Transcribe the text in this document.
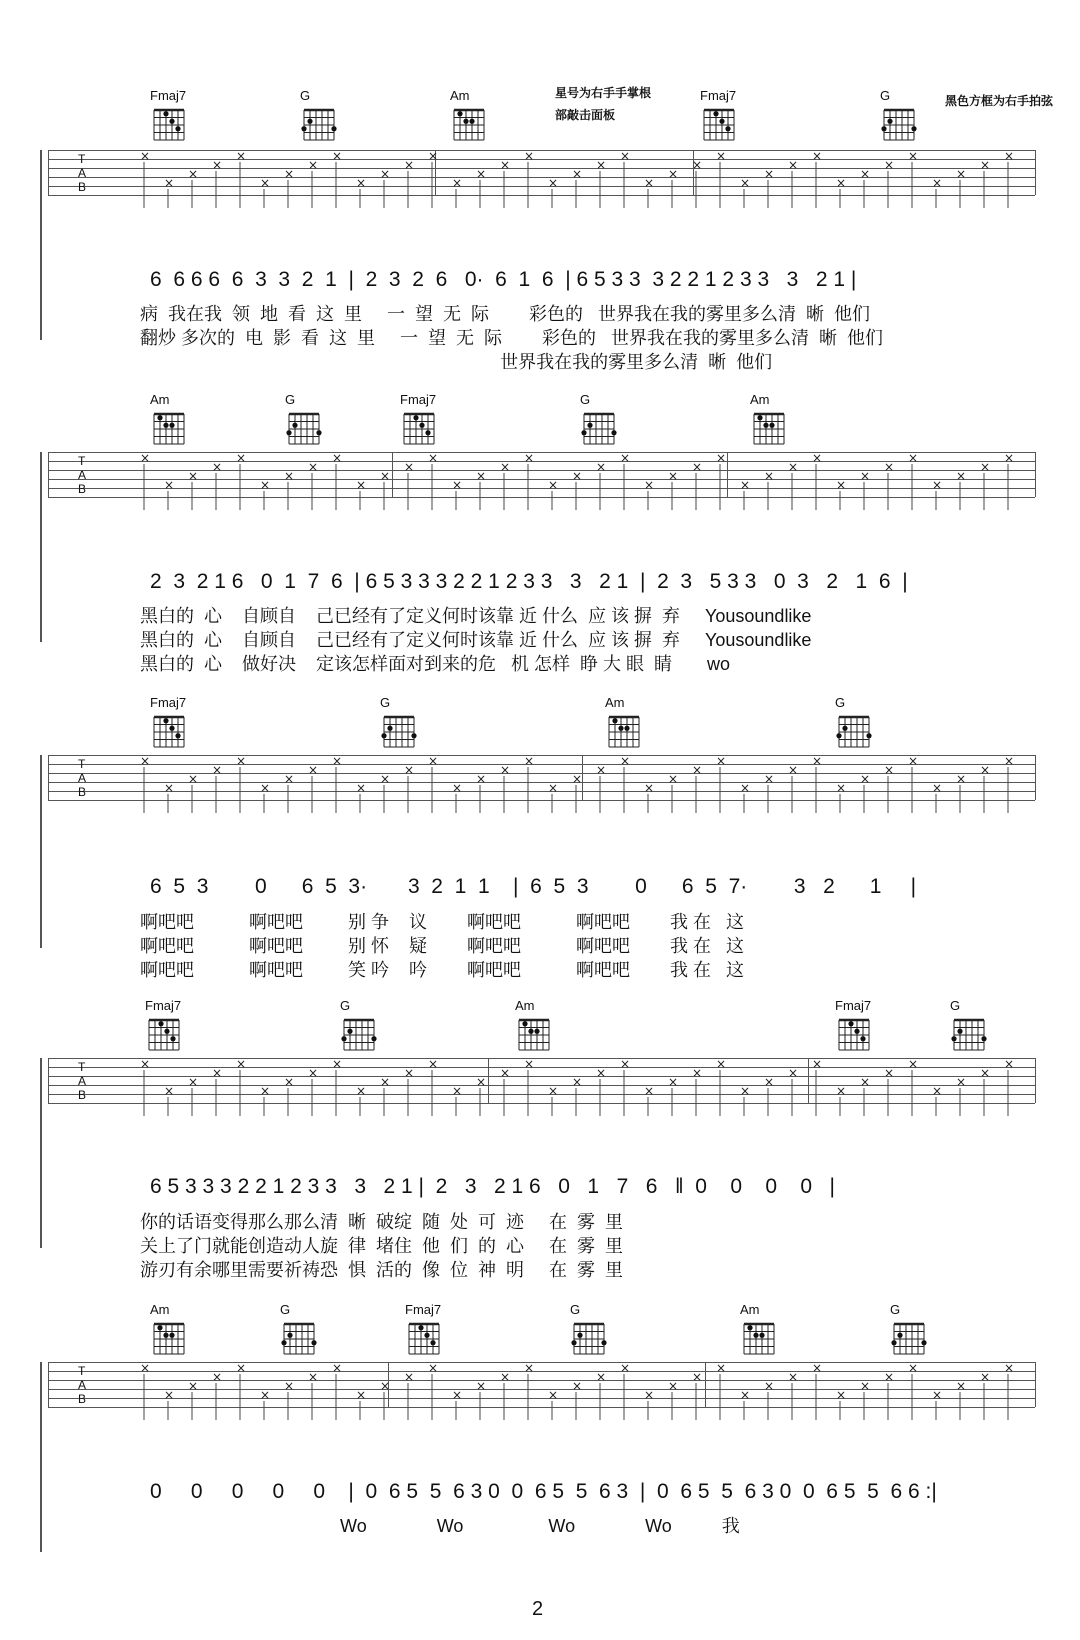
星号为右手手掌根
部敲击面板
黑色方框为右手拍弦
Fmaj7	G	Am	Fmaj7	G
T
A
B
×
×
×
×
×
×
×
×
×
×
×
×
×
×
×
×
×
×
×
×
×
×
×
×
×
×
×
×
×
×
×
×
×
×
×
×
×
6  6 6 6  6  3  3  2  1  |  2  3  2  6   0·  6  1  6  | 6 5 3 3  3 2 2 1 2 3 3   3   2 1 |
病  我在我  领  地  看  这  里     一  望  无  际        彩色的   世界我在我的雾里多么清  晰  他们
翻炒 多次的  电  影  看  这  里     一  望  无  际        彩色的   世界我在我的雾里多么清  晰  他们
世界我在我的雾里多么清  晰  他们
Am	G	Fmaj7	G	Am
T
A
B
×
×
×
×
×
×
×
×
×
×
×
×
×
×
×
×
×
×
×
×
×
×
×
×
×
×
×
×
×
×
×
×
×
×
×
×
×
2  3  2 1 6   0  1  7  6  | 6 5 3 3 3 2 2 1 2 3 3   3   2 1  |  2  3   5 3 3   0  3   2   1  6  |
黑白的  心    自顾自    己已经有了定义何时该靠 近 什么  应 该 摒  弃     Yousoundlike
黑白的  心    自顾自    己已经有了定义何时该靠 近 什么  应 该 摒  弃     Yousoundlike
黑白的  心    做好决    定该怎样面对到来的危   机 怎样  睁 大 眼  睛       wo
Fmaj7	G	Am	G
T
A
B
×
×
×
×
×
×
×
×
×
×
×
×
×
×
×
×
×
×
×
×
×
×
×
×
×
×
×
×
×
×
×
×
×
×
×
×
×
6  5  3        0      6  5  3·       3  2  1  1    |  6  5  3        0      6  5  7·        3   2      1     |
啊吧吧           啊吧吧         别 争    议        啊吧吧           啊吧吧        我 在   这
啊吧吧           啊吧吧         别 怀    疑        啊吧吧           啊吧吧        我 在   这
啊吧吧           啊吧吧         笑 吟    吟        啊吧吧           啊吧吧        我 在   这
Fmaj7	G	Am	Fmaj7	G
T
A
B
×
×
×
×
×
×
×
×
×
×
×
×
×
×
×
×
×
×
×
×
×
×
×
×
×
×
×
×
×
×
×
×
×
×
×
×
×
6 5 3 3 3 2 2 1 2 3 3   3   2 1 |  2   3   2 1 6   0   1   7   6   ‖  0    0    0    0   |
你的话语变得那么那么清  晰  破绽  随  处  可  迹     在  雾  里
关上了门就能创造动人旋  律  堵住  他  们  的  心     在  雾  里
游刃有余哪里需要祈祷恐  惧  活的  像  位  神  明     在  雾  里
Am	G	Fmaj7	G	Am	G
T
A
B
×
×
×
×
×
×
×
×
×
×
×
×
×
×
×
×
×
×
×
×
×
×
×
×
×
×
×
×
×
×
×
×
×
×
×
×
×
0     0     0     0     0    |  0  6 5  5  6 3 0  0  6 5  5  6 3  |  0  6 5  5  6 3 0  0  6 5  5  6 6 :|
Wo              Wo                 Wo              Wo          我
2
